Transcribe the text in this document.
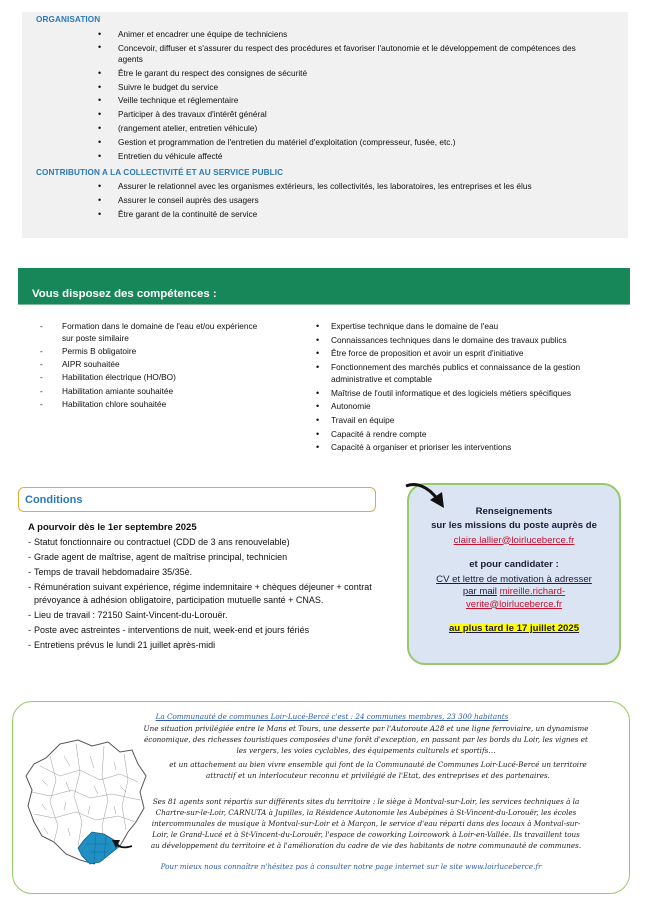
ORGANISATION
• Animer et encadrer une équipe de techniciens
• Concevoir, diffuser et s'assurer du respect des procédures et favoriser l'autonomie et le développement de compétences des agents
• Être le garant du respect des consignes de sécurité
• Suivre le budget du service
• Veille technique et réglementaire
• Participer à des travaux d'intérêt général
• (rangement atelier, entretien véhicule)
• Gestion et programmation de l'entretien du matériel d'exploitation (compresseur, fusée, etc.)
• Entretien du véhicule affecté
CONTRIBUTION A LA COLLECTIVITÉ ET AU SERVICE PUBLIC
• Assurer le relationnel avec les organismes extérieurs, les collectivités, les laboratoires, les entreprises et les élus
• Assurer le conseil auprès des usagers
• Être garant de la continuité de service
Vous disposez des compétences :
- Formation dans le domaine de l'eau et/ou expérience sur poste similaire
- Permis B obligatoire
- AIPR souhaitée
- Habilitation électrique (HO/BO)
- Habilitation amiante souhaitée
- Habilitation chlore souhaitée
• Expertise technique dans le domaine de l'eau
• Connaissances techniques dans le domaine des travaux publics
• Être force de proposition et avoir un esprit d'initiative
• Fonctionnement des marchés publics et connaissance de la gestion administrative et comptable
• Maîtrise de l'outil informatique et des logiciels métiers spécifiques
• Autonomie
• Travail en équipe
• Capacité à rendre compte
• Capacité à organiser et prioriser les interventions
Conditions
A pourvoir dès le 1er septembre 2025
- Statut fonctionnaire ou contractuel (CDD de 3 ans renouvelable)
- Grade agent de maîtrise, agent de maîtrise principal, technicien
- Temps de travail hebdomadaire 35/35è.
- Rémunération suivant expérience, régime indemnitaire + chèques déjeuner + contrat prévoyance à adhésion obligatoire, participation mutuelle santé + CNAS.
- Lieu de travail : 72150 Saint-Vincent-du-Lorouër.
- Poste avec astreintes - interventions de nuit, week-end et jours fériés
- Entretiens prévus le lundi 21 juillet après-midi
Renseignements
sur les missions du poste auprès de
claire.lallier@loirluceberce.fr
et pour candidater :
CV et lettre de motivation à adresser
par mail mireille.richard-
verite@loirluceberce.fr
au plus tard le 17 juillet 2025
La Communauté de communes Loir-Lucé-Bercé c'est : 24 communes membres, 23 300 habitants
Une situation privilégiée entre le Mans et Tours, une desserte par l'Autoroute A28 et une ligne ferroviaire, un dynamisme
économique, des richesses touristiques composées d'une forêt d'exception, en passant par les bords du Loir, les vignes et
les vergers, les voies cyclables, des équipements culturels et sportifs…
et un attachement au bien vivre ensemble qui font de la Communauté de Communes Loir-Lucé-Bercé un territoire
attractif et un interlocuteur reconnu et privilégié de l'Etat, des entreprises et des partenaires.
Ses 81 agents sont répartis sur différents sites du territoire : le siège à Montval-sur-Loir, les services techniques à la
Chartre-sur-le-Loir, CARNUTA à Jupilles, la Résidence Autonomie les Aubépines à St-Vincent-du-Lorouër, les écoles
intercommunales de musique à Montval-sur-Loir et à Marçon, le service d'eau réparti dans des locaux à Montval-sur-
Loir, le Grand-Lucé et à St-Vincent-du-Lorouër, l'espace de coworking Loircowork à Loir-en-Vallée. Ils travaillent tous
au développement du territoire et à l'amélioration du cadre de vie des habitants de notre communauté de communes.
Pour mieux nous connaître n'hésitez pas à consulter notre page internet sur le site www.loirluceberce.fr
